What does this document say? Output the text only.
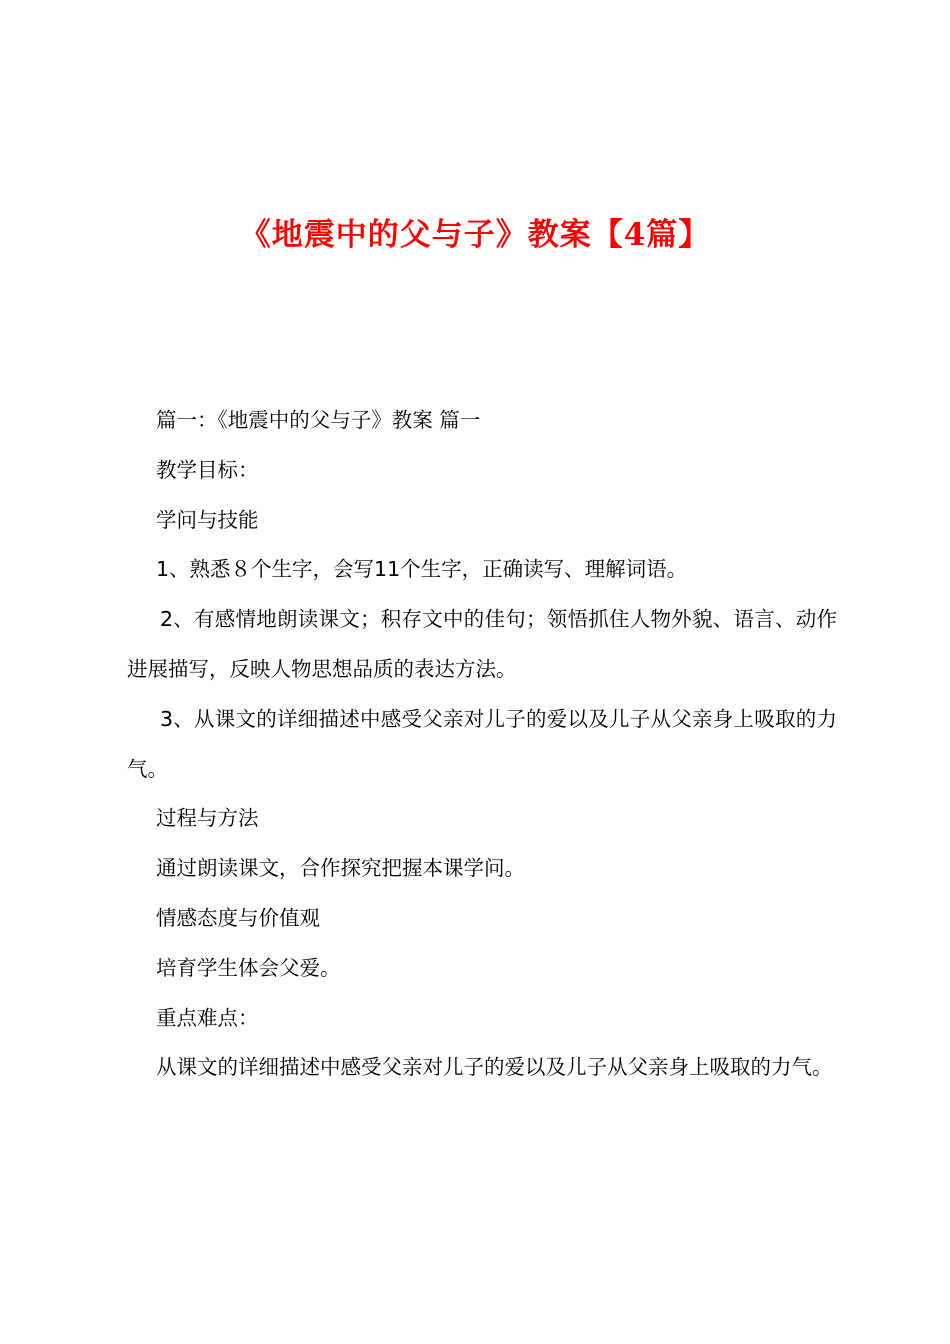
《地震中的父与子》教案【4篇】

篇一：《地震中的父与子》教案 篇一

教学目标：

学问与技能

1、熟悉８个生字，会写11个生字，正确读写、理解词语。

2、有感情地朗读课文；积存文中的佳句；领悟抓住人物外貌、语言、动作进展描写，反映人物思想品质的表达方法。

3、从课文的详细描述中感受父亲对儿子的爱以及儿子从父亲身上吸取的力气。

过程与方法

通过朗读课文，合作探究把握本课学问。

情感态度与价值观

培育学生体会父爱。

重点难点：

从课文的详细描述中感受父亲对儿子的爱以及儿子从父亲身上吸取的力气。
